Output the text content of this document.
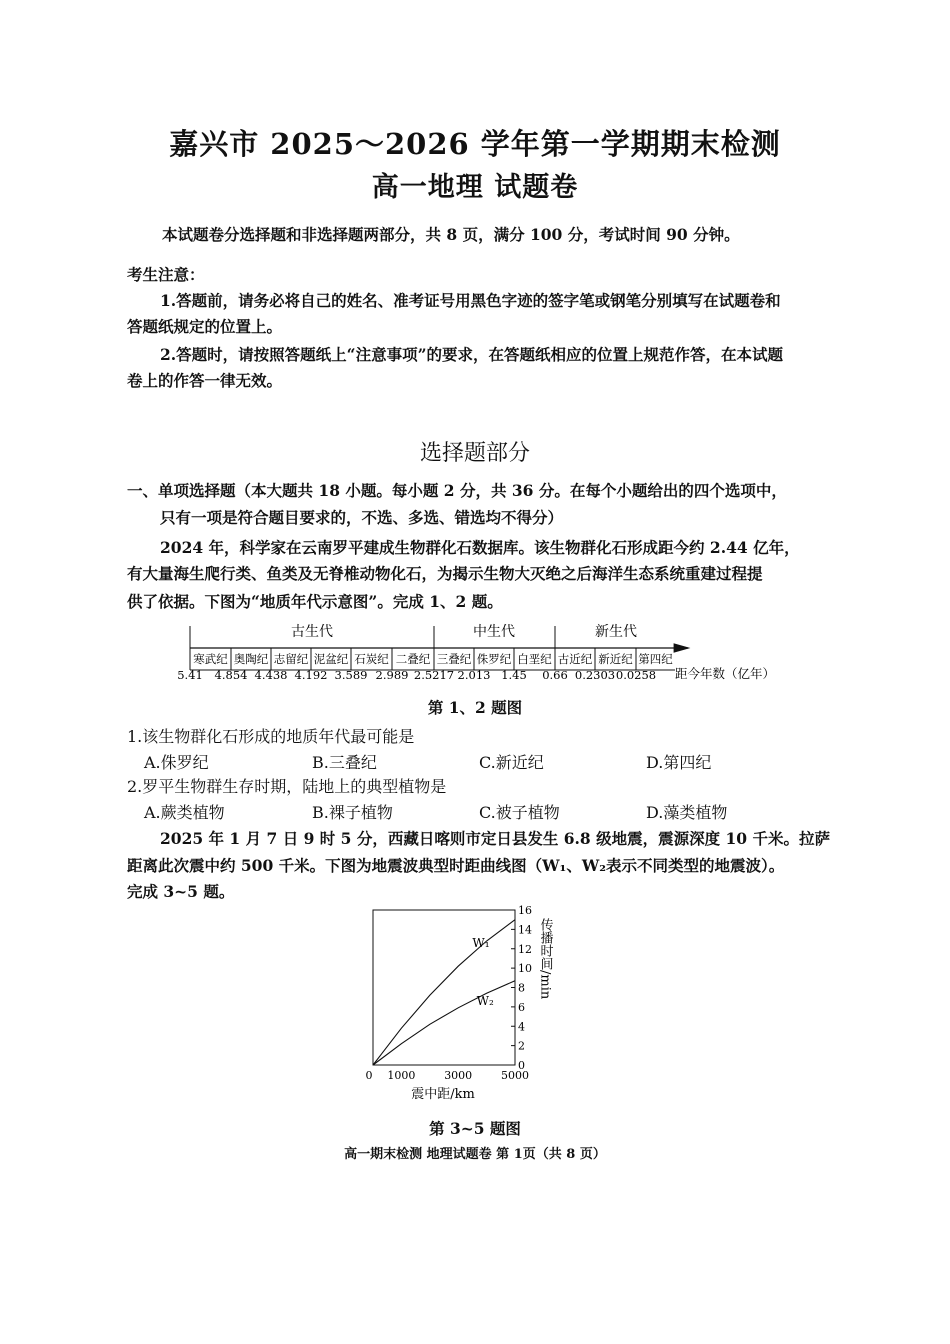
嘉兴市 2025～2026 学年第一学期期末检测
高一地理 试题卷
本试题卷分选择题和非选择题两部分，共 8 页，满分 100 分，考试时间 90 分钟。
考生注意：
1.答题前，请务必将自己的姓名、准考证号用黑色字迹的签字笔或钢笔分别填写在试题卷和
答题纸规定的位置上。
2.答题时，请按照答题纸上“注意事项”的要求，在答题纸相应的位置上规范作答，在本试题
卷上的作答一律无效。
选择题部分
一、单项选择题（本大题共 18 小题。每小题 2 分，共 36 分。在每个小题给出的四个选项中，
只有一项是符合题目要求的，不选、多选、错选均不得分）
2024 年，科学家在云南罗平建成生物群化石数据库。该生物群化石形成距今约 2.44 亿年，
有大量海生爬行类、鱼类及无脊椎动物化石，为揭示生物大灭绝之后海洋生态系统重建过程提
供了依据。下图为“地质年代示意图”。完成 1、2 题。
古生代	中生代	新生代
寒武纪 奥陶纪 志留纪 泥盆纪 石炭纪 二叠纪 三叠纪 侏罗纪 白垩纪 古近纪 新近纪 第四纪
5.41 4.854 4.438 4.192 3.589 2.989 2.5217 2.013 1.45 0.66 0.2303 0.0258 距今年数（亿年）
第 1、2 题图
1.该生物群化石形成的地质年代最可能是
A.侏罗纪	B.三叠纪	C.新近纪	D.第四纪
2.罗平生物群生存时期，陆地上的典型植物是
A.蕨类植物	B.裸子植物	C.被子植物	D.藻类植物
2025 年 1 月 7 日 9 时 5 分，西藏日喀则市定日县发生 6.8 级地震，震源深度 10 千米。拉萨
距离此次震中约 500 千米。下图为地震波典型时距曲线图（W₁、W₂表示不同类型的地震波）。
完成 3~5 题。
0
2
4
6
8
10
12
14
16
0 1000	3000	5000
W₁
W₂
传播时间/min
震中距/km
第 3~5 题图
高一期末检测 地理试题卷 第 1页（共 8 页）
